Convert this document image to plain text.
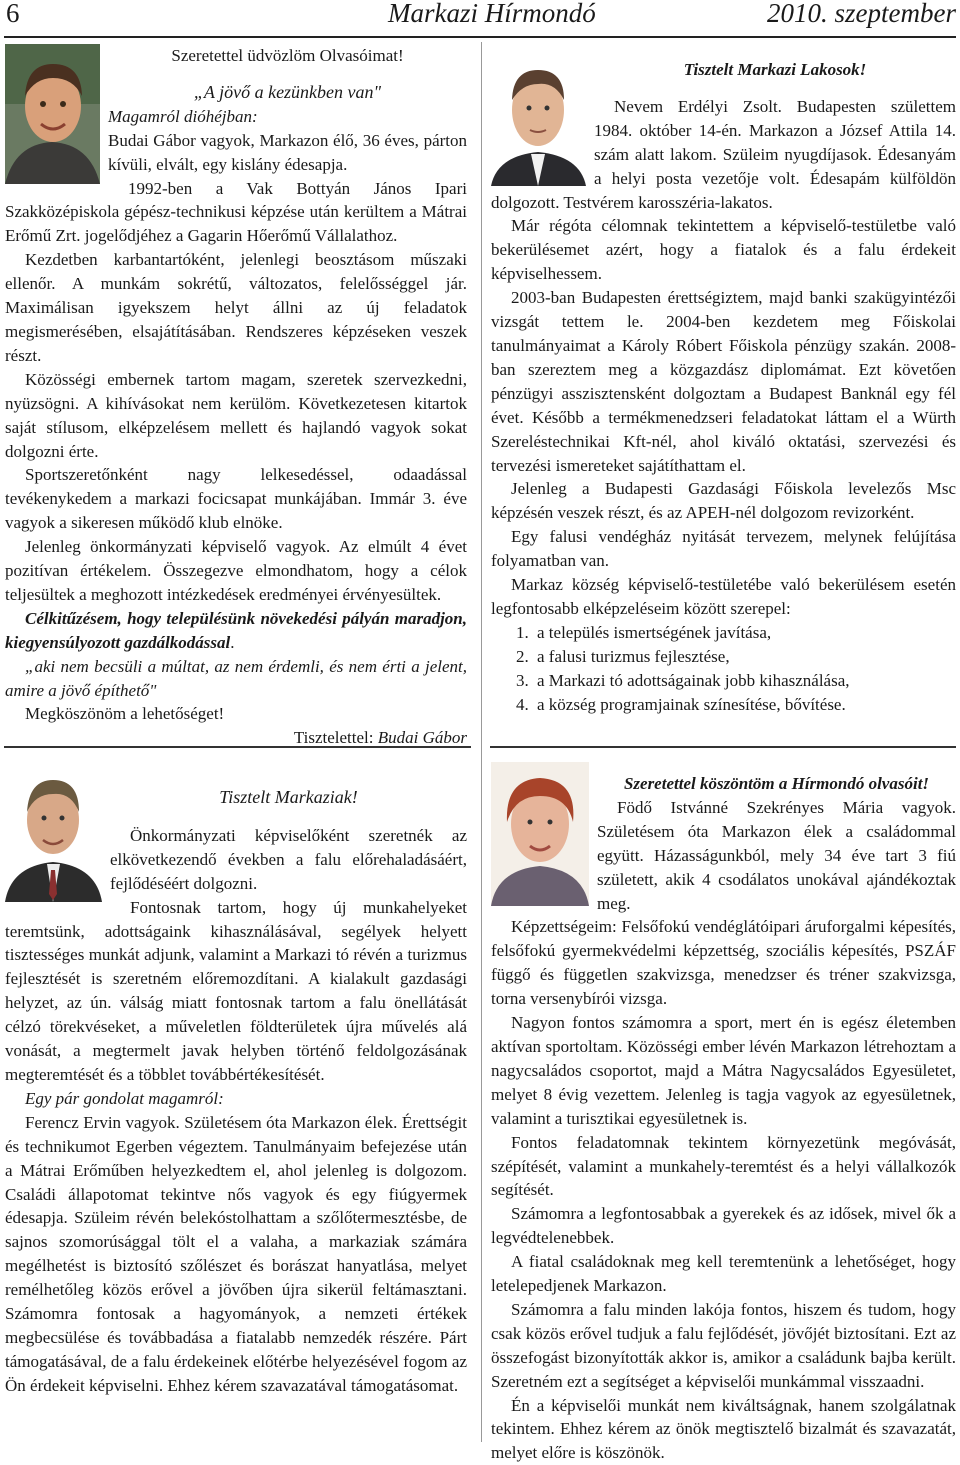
6	Markazi Hírmondó	2010. szeptember

Szeretettel üdvözlöm Olvasóimat!

„A jövő a kezünkben van"

Magamról dióhéjban:

Budai Gábor vagyok, Markazon élő, 36 éves, párton kívüli, elvált, egy kislány édesapja.

1992-ben a Vak Bottyán János Ipari Szakközépiskola gépész-technikusi képzése után kerültem a Mátrai Erőmű Zrt. jogelődjéhez a Gagarin Hőerőmű Vállalathoz.

Kezdetben karbantartóként, jelenlegi beosztásom műszaki ellenőr. A munkám sokrétű, változatos, felelősséggel jár. Maximálisan igyekszem helyt állni az új feladatok megismerésében, elsajátításában. Rendszeres képzéseken veszek részt.

Közösségi embernek tartom magam, szeretek szervezkedni, nyüzsögni. A kihívásokat nem kerülöm. Következetesen kitartok saját stílusom, elképzelésem mellett és hajlandó vagyok sokat dolgozni érte.

Sportszeretőnként nagy lelkesedéssel, odaadással tevékenykedem a markazi focicsapat munkájában. Immár 3. éve vagyok a sikeresen működő klub elnöke.

Jelenleg önkormányzati képviselő vagyok. Az elmúlt 4 évet pozitívan értékelem. Összegezve elmondhatom, hogy a célok teljesültek a meghozott intézkedések eredményei érvényesültek.

Célkitűzésem, hogy településünk növekedési pályán maradjon, kiegyensúlyozott gazdálkodással.

„aki nem becsüli a múltat, az nem érdemli, és nem érti a jelent, amire a jövő építhető"

Megköszönöm a lehetőséget!

Tisztelettel: Budai Gábor

Tisztelt Markazi Lakosok!

Nevem Erdélyi Zsolt. Budapesten születtem 1984. október 14-én. Markazon a József Attila 14. szám alatt lakom. Szüleim nyugdíjasok. Édesanyám a helyi posta vezetője volt. Édesapám külföldön dolgozott. Testvérem karosszéria-lakatos.

Már régóta célomnak tekintettem a képviselő-testületbe való bekerülésemet azért, hogy a fiatalok és a falu érdekeit képviselhessem.

2003-ban Budapesten érettségiztem, majd banki szakügyintézői vizsgát tettem le. 2004-ben kezdetem meg Főiskolai tanulmányaimat a Károly Róbert Főiskola pénzügy szakán. 2008-ban szereztem meg a közgazdász diplomámat. Ezt követően pénzügyi asszisztensként dolgoztam a Budapest Banknál egy fél évet. Később a termékmenedzseri feladatokat láttam el a Würth Szereléstechnikai Kft-nél, ahol kiváló oktatási, szervezési és tervezési ismereteket sajátíthattam el.

Jelenleg a Budapesti Gazdasági Főiskola levelezős Msc képzésén veszek részt, és az APEH-nél dolgozom revizorként.

Egy falusi vendégház nyitását tervezem, melynek felújítása folyamatban van.

Markaz község képviselő-testületébe való bekerülésem esetén legfontosabb elképzeléseim között szerepel:

1. a település ismertségének javítása,
2. a falusi turizmus fejlesztése,
3. a Markazi tó adottságainak jobb kihasználása,
4. a község programjainak színesítése, bővítése.

Tisztelt Markaziak!

Önkormányzati képviselőként szeretnék az elkövetkezendő években a falu előrehaladásáért, fejlődéséért dolgozni.

Fontosnak tartom, hogy új munkahelyeket teremtsünk, adottságaink kihasználásával, segélyek helyett tisztességes munkát adjunk, valamint a Markazi tó révén a turizmus fejlesztését is szeretném előremozdítani. A kialakult gazdasági helyzet, az ún. válság miatt fontosnak tartom a falu önellátását célzó törekvéseket, a műveletlen földterületek újra művelés alá vonását, a megtermelt javak helyben történő feldolgozásának megteremtését és a többlet továbbértékesítését.

Egy pár gondolat magamról:

Ferencz Ervin vagyok. Születésem óta Markazon élek. Érettségit és technikumot Egerben végeztem. Tanulmányaim befejezése után a Mátrai Erőműben helyezkedtem el, ahol jelenleg is dolgozom. Családi állapotomat tekintve nős vagyok és egy fiúgyermek édesapja. Szüleim révén belekóstolhattam a szőlőtermesztésbe, de sajnos szomorúsággal tölt el a valaha, a markaziak számára megélhetést is biztosító szőlészet és borászat hanyatlása, melyet remélhetőleg közös erővel a jövőben újra sikerül feltámasztani. Számomra fontosak a hagyományok, a nemzeti értékek megbecsülése és továbbadása a fiatalabb nemzedék részére. Párt támogatásával, de a falu érdekeinek előtérbe helyezésével fogom az Ön érdekeit képviselni. Ehhez kérem szavazatával támogatásomat.

Szeretettel köszöntöm a Hírmondó olvasóit!

Födő Istvánné Szekrényes Mária vagyok. Születésem óta Markazon élek a családommal együtt. Házasságunkból, mely 34 éve tart 3 fiú született, akik 4 csodálatos unokával ajándékoztak meg.

Képzettségeim: Felsőfokú vendéglátóipari áruforgalmi képesítés, felsőfokú gyermekvédelmi képzettség, szociális képesítés, PSZÁF függő és független szakvizsga, menedzser és tréner szakvizsga, torna versenybírói vizsga.

Nagyon fontos számomra a sport, mert én is egész életemben aktívan sportoltam. Közösségi ember lévén Markazon létrehoztam a nagycsaládos csoportot, majd a Mátra Nagycsaládos Egyesületet, melyet 8 évig vezettem. Jelenleg is tagja vagyok az egyesületnek, valamint a turisztikai egyesületnek is.

Fontos feladatomnak tekintem környezetünk megóvását, szépítését, valamint a munkahely-teremtést és a helyi vállalkozók segítését.

Számomra a legfontosabbak a gyerekek és az idősek, mivel ők a legvédtelenebbek.

A fiatal családoknak meg kell teremtenünk a lehetőséget, hogy letelepedjenek Markazon.

Számomra a falu minden lakója fontos, hiszem és tudom, hogy csak közös erővel tudjuk a falu fejlődését, jövőjét biztosítani. Ezt az összefogást bizonyították akkor is, amikor a családunk bajba került. Szeretném ezt a segítséget a képviselői munkámmal visszaadni.

Én a képviselői munkát nem kiváltságnak, hanem szolgálatnak tekintem. Ehhez kérem az önök megtisztelő bizalmát és szavazatát, melyet előre is köszönök.
